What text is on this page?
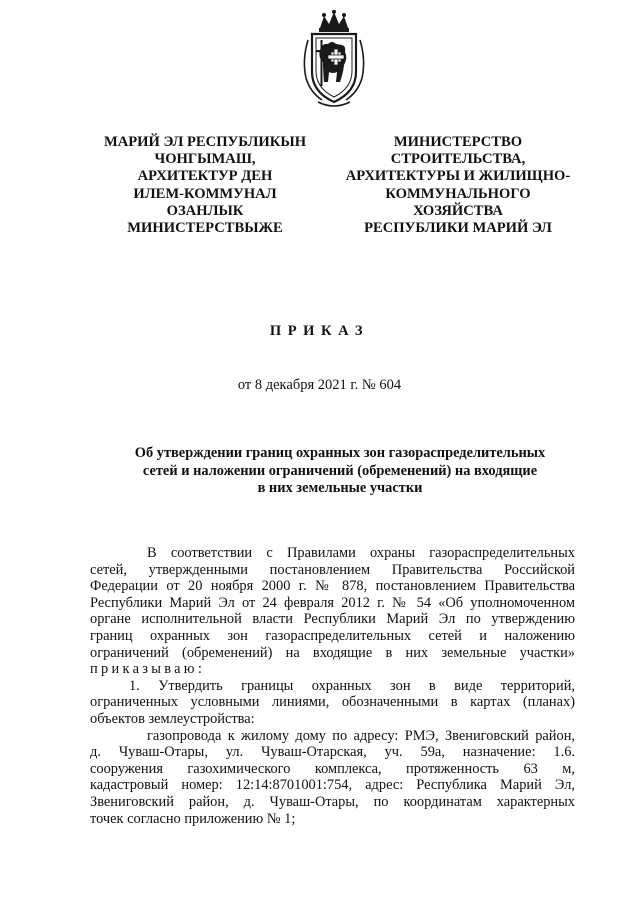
МАРИЙ ЭЛ РЕСПУБЛИКЫН
ЧОНГЫМАШ,
АРХИТЕКТУР ДЕН
ИЛЕМ-КОММУНАЛ
ОЗАНЛЫК
МИНИСТЕРСТВЫЖЕ
МИНИСТЕРСТВО
СТРОИТЕЛЬСТВА,
АРХИТЕКТУРЫ И ЖИЛИЩНО-
КОММУНАЛЬНОГО
ХОЗЯЙСТВА
РЕСПУБЛИКИ МАРИЙ ЭЛ
ПРИКАЗ
от 8 декабря 2021 г. № 604
Об утверждении границ охранных зон газораспределительных
сетей и наложении ограничений (обременений) на входящие
в них земельные участки
В соответствии с Правилами охраны газораспределительных
сетей, утвержденными постановлением Правительства Российской
Федерации от 20 ноября 2000 г. № 878, постановлением Правительства
Республики Марий Эл от 24 февраля 2012 г. № 54 «Об уполномоченном
органе исполнительной власти Республики Марий Эл по утверждению
границ охранных зон газораспределительных сетей и наложению
ограничений (обременений) на входящие в них земельные участки»
приказываю:
1. Утвердить границы охранных зон в виде территорий,
ограниченных условными линиями, обозначенными в картах (планах)
объектов землеустройства:
газопровода к жилому дому по адресу: РМЭ, Звениговский район,
д. Чуваш-Отары, ул. Чуваш-Отарская, уч. 59а, назначение: 1.6.
сооружения газохимического комплекса, протяженность 63 м,
кадастровый номер: 12:14:8701001:754, адрес: Республика Марий Эл,
Звениговский район, д. Чуваш-Отары, по координатам характерных
точек согласно приложению № 1;
